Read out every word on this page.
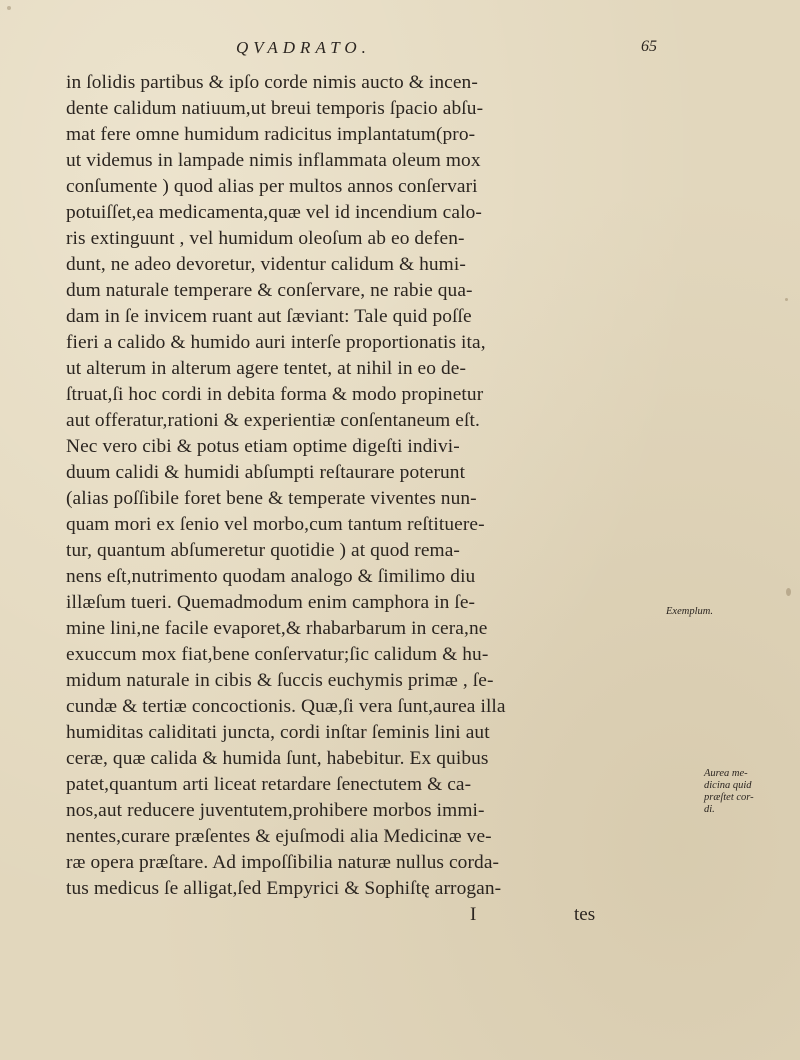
QVADRATO.	65
in ſolidis partibus & ipſo corde nimis aucto & incen-
dente calidum natiuum,ut breui temporis ſpacio abſu-
mat fere omne humidum radicitus implantatum(pro-
ut videmus in lampade nimis inflammata oleum mox
conſumente ) quod alias per multos annos conſervari
potuiſſet,ea medicamenta,quæ vel id incendium calo-
ris extinguunt , vel humidum oleoſum ab eo defen-
dunt, ne adeo devoretur, videntur calidum & humi-
dum naturale temperare & conſervare, ne rabie qua-
dam in ſe invicem ruant aut ſæviant: Tale quid poſſe
fieri a calido & humido auri interſe proportionatis ita,
ut alterum in alterum agere tentet, at nihil in eo de-
ſtruat,ſi hoc cordi in debita forma & modo propinetur
aut offeratur,rationi & experientiæ conſentaneum eſt.
Nec vero cibi & potus etiam optime digeſti indivi-
duum calidi & humidi abſumpti reſtaurare poterunt
(alias poſſibile foret bene & temperate viventes nun-
quam mori ex ſenio vel morbo,cum tantum reſtituere-
tur, quantum abſumeretur quotidie ) at quod rema-
nens eſt,nutrimento quodam analogo & ſimilimo diu
illæſum tueri. Quemadmodum enim camphora in ſe-
mine lini,ne facile evaporet,& rhabarbarum in cera,ne
exuccum mox fiat,bene conſervatur;ſic calidum & hu-
midum naturale in cibis & ſuccis euchymis primæ , ſe-
cundæ & tertiæ concoctionis. Quæ,ſi vera ſunt,aurea illa
humiditas caliditati juncta, cordi inſtar ſeminis lini aut
ceræ, quæ calida & humida ſunt, habebitur. Ex quibus
patet,quantum arti liceat retardare ſenectutem & ca-
nos,aut reducere juventutem,prohibere morbos immi-
nentes,curare præſentes & ejuſmodi alia Medicinæ ve-
ræ opera præſtare. Ad impoſſibilia naturæ nullus corda-
tus medicus ſe alligat,ſed Empyrici & Sophiſtę arrogan-
I	tes
Exemplum.
Aurea me-
dicina quid
præſtet cor-
di.
